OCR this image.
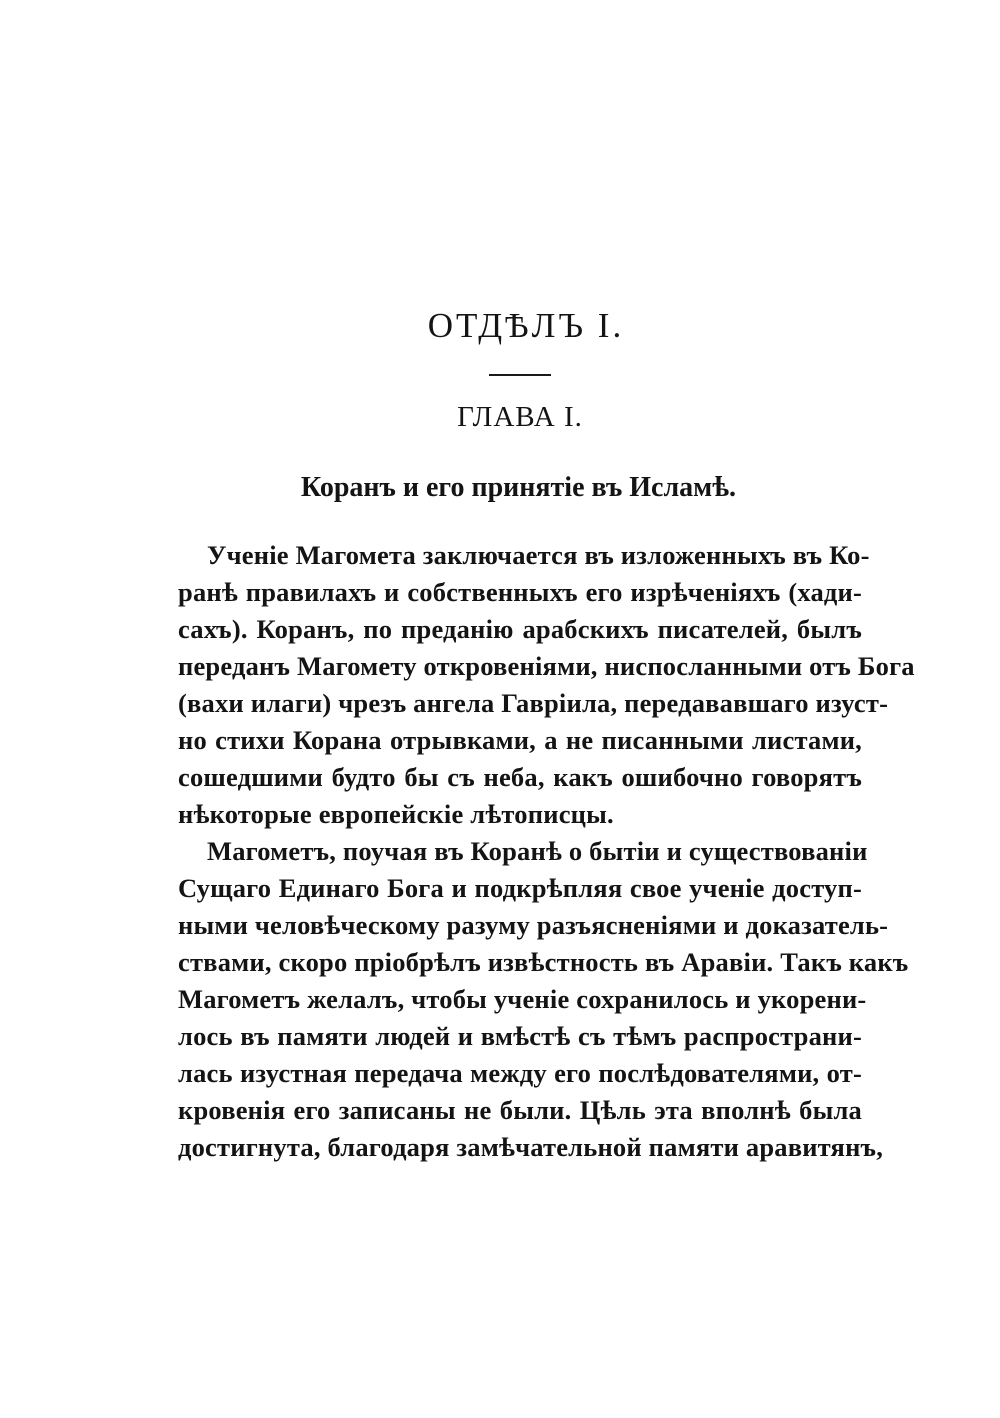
ОТДѢЛЪ I.
ГЛАВА I.
Коранъ и его принятіе въ Исламѣ.
Ученіе Магомета заключается въ изложенныхъ въ Ко-
ранѣ правилахъ и собственныхъ его изрѣченіяхъ (хади-
сахъ). Коранъ, по преданію арабскихъ писателей, былъ
переданъ Магомету откровеніями, ниспосланными отъ Бога
(вахи илаги) чрезъ ангела Гавріила, передававшаго изуст-
но стихи Корана отрывками, а не писанными листами,
сошедшими будто бы съ неба, какъ ошибочно говорятъ
нѣкоторые европейскіе лѣтописцы.
Магометъ, поучая въ Коранѣ о бытіи и существованіи
Сущаго Единаго Бога и подкрѣпляя свое ученіе доступ-
ными человѣческому разуму разъясненіями и доказатель-
ствами, скоро пріобрѣлъ извѣстность въ Аравіи. Такъ какъ
Магометъ желалъ, чтобы ученіе сохранилось и укорени-
лось въ памяти людей и вмѣстѣ съ тѣмъ распространи-
лась изустная передача между его послѣдователями, от-
кровенія его записаны не были. Цѣль эта вполнѣ была
достигнута, благодаря замѣчательной памяти аравитянъ,
